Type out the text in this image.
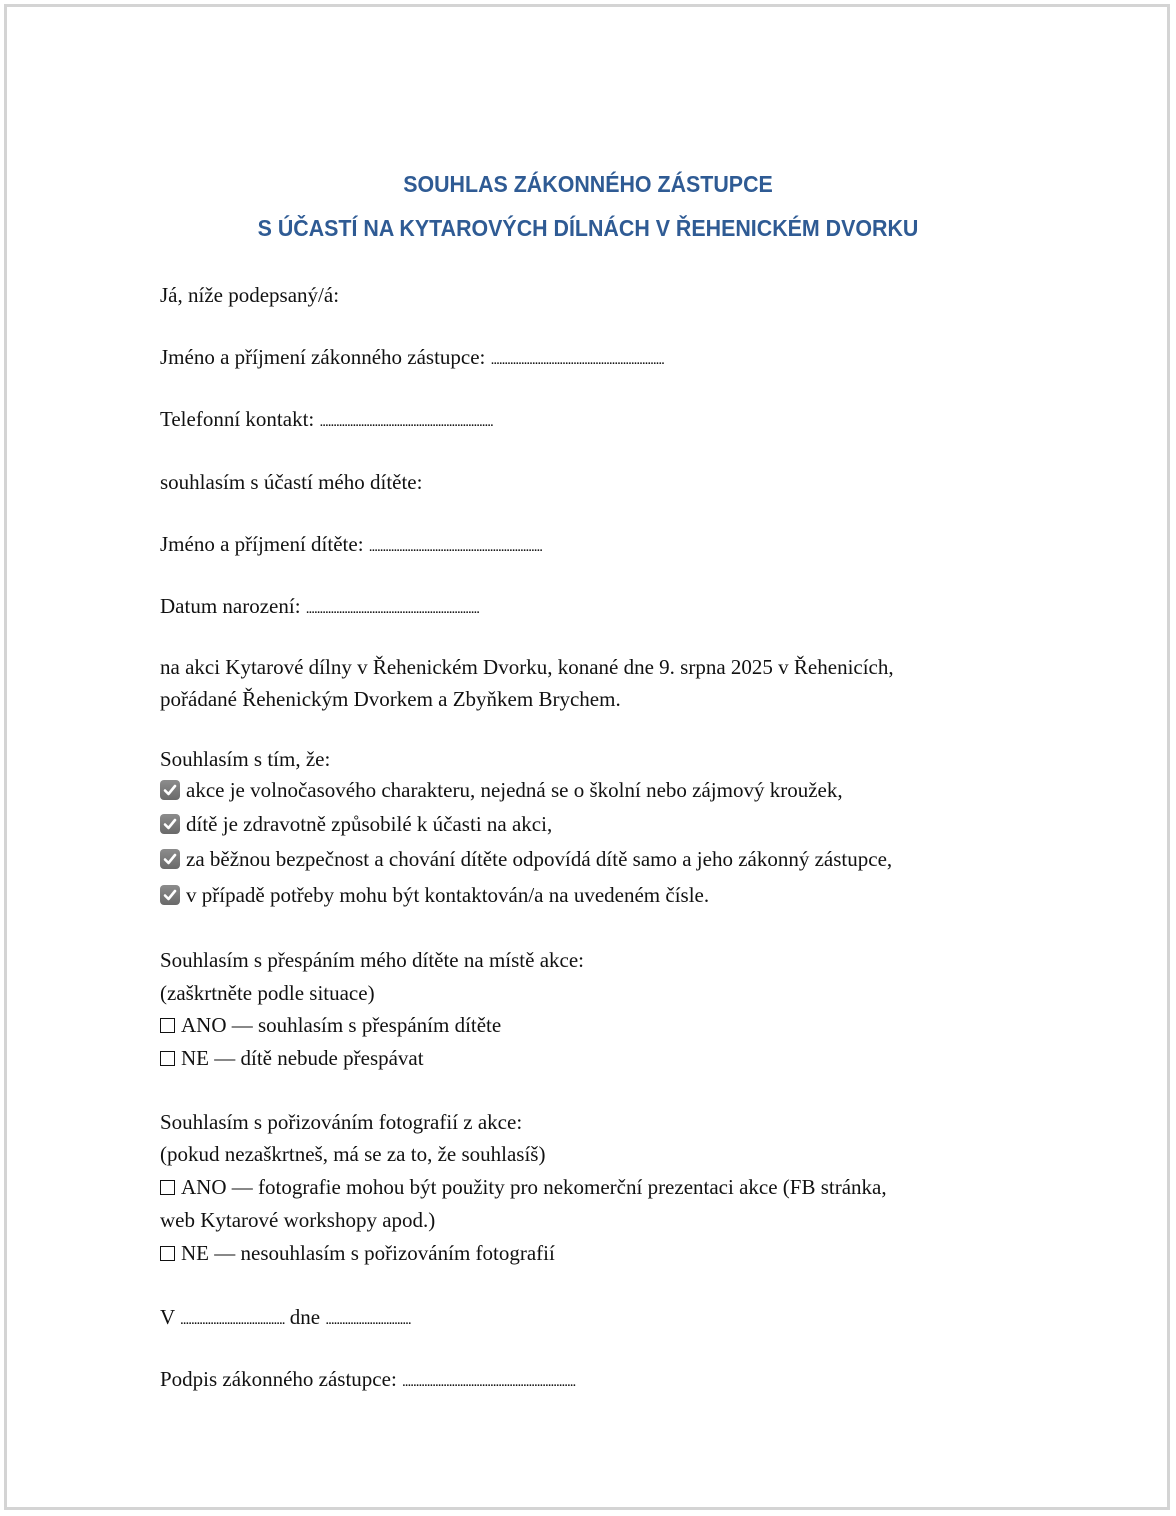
SOUHLAS ZÁKONNÉHO ZÁSTUPCE
S ÚČASTÍ NA KYTAROVÝCH DÍLNÁCH V ŘEHENICKÉM DVORKU
Já, níže podepsaný/á:
Jméno a příjmení zákonného zástupce: ...............................................................
Telefonní kontakt: ...............................................................
souhlasím s účastí mého dítěte:
Jméno a příjmení dítěte: ...............................................................
Datum narození: ...............................................................
na akci Kytarové dílny v Řehenickém Dvorku, konané dne 9. srpna 2025 v Řehenicích,
pořádané Řehenickým Dvorkem a Zbyňkem Brychem.
Souhlasím s tím, že:
akce je volnočasového charakteru, nejedná se o školní nebo zájmový kroužek,
dítě je zdravotně způsobilé k účasti na akci,
za běžnou bezpečnost a chování dítěte odpovídá dítě samo a jeho zákonný zástupce,
v případě potřeby mohu být kontaktován/a na uvedeném čísle.
Souhlasím s přespáním mého dítěte na místě akce:
(zaškrtněte podle situace)
ANO — souhlasím s přespáním dítěte
NE — dítě nebude přespávat
Souhlasím s pořizováním fotografií z akce:
(pokud nezaškrtneš, má se za to, že souhlasíš)
ANO — fotografie mohou být použity pro nekomerční prezentaci akce (FB stránka,
web Kytarové workshopy apod.)
NE — nesouhlasím s pořizováním fotografií
V ...................................... dne ...............................
Podpis zákonného zástupce: ...............................................................
